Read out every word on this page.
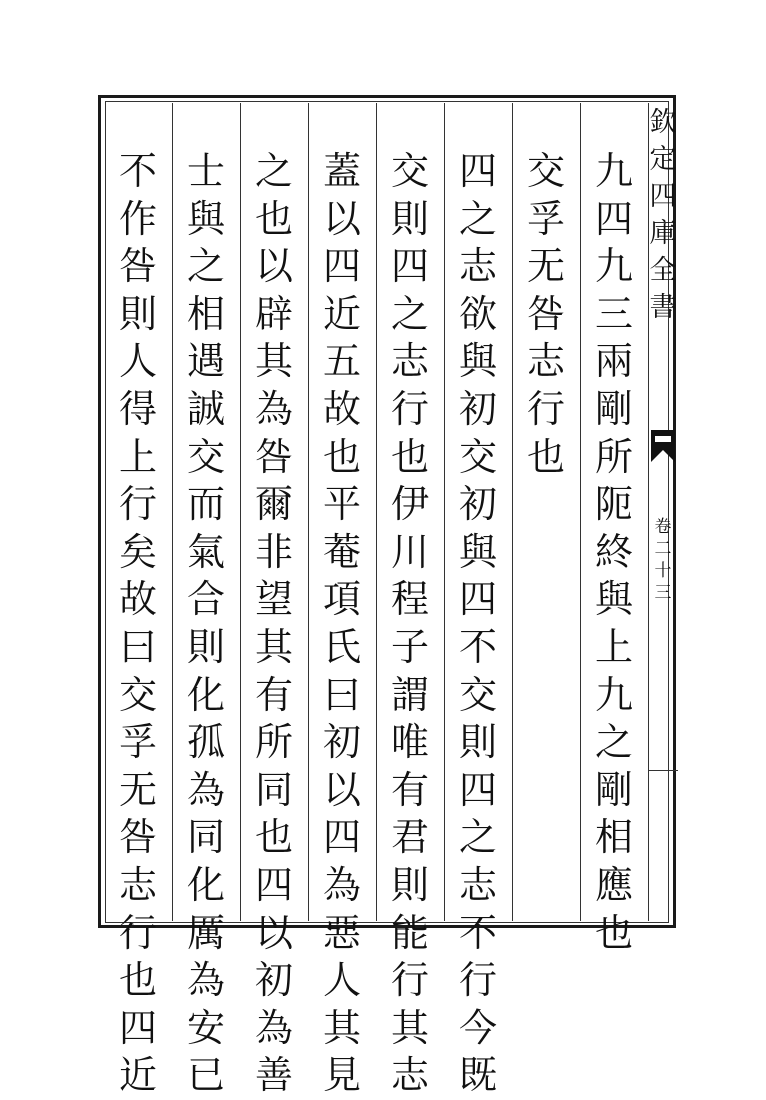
九
四
九
三
兩
剛
所
阨
終
與
上
九
之
剛
相
應
也
交
孚
无
咎
志
行
也
四
之
志
欲
與
初
交
初
與
四
不
交
則
四
之
志
不
行
今
既
交
則
四
之
志
行
也
伊
川
程
子
謂
唯
有
君
則
能
行
其
志
蓋
以
四
近
五
故
也
平
菴
項
氏
曰
初
以
四
為
惡
人
其
見
之
也
以
辟
其
為
咎
爾
非
望
其
有
所
同
也
四
以
初
為
善
士
與
之
相
遇
誠
交
而
氣
合
則
化
孤
為
同
化
厲
為
安
已
不
作
咎
則
人
得
上
行
矣
故
曰
交
孚
无
咎
志
行
也
四
近
欽
定
四
庫
全
書
卷
二
十
三
